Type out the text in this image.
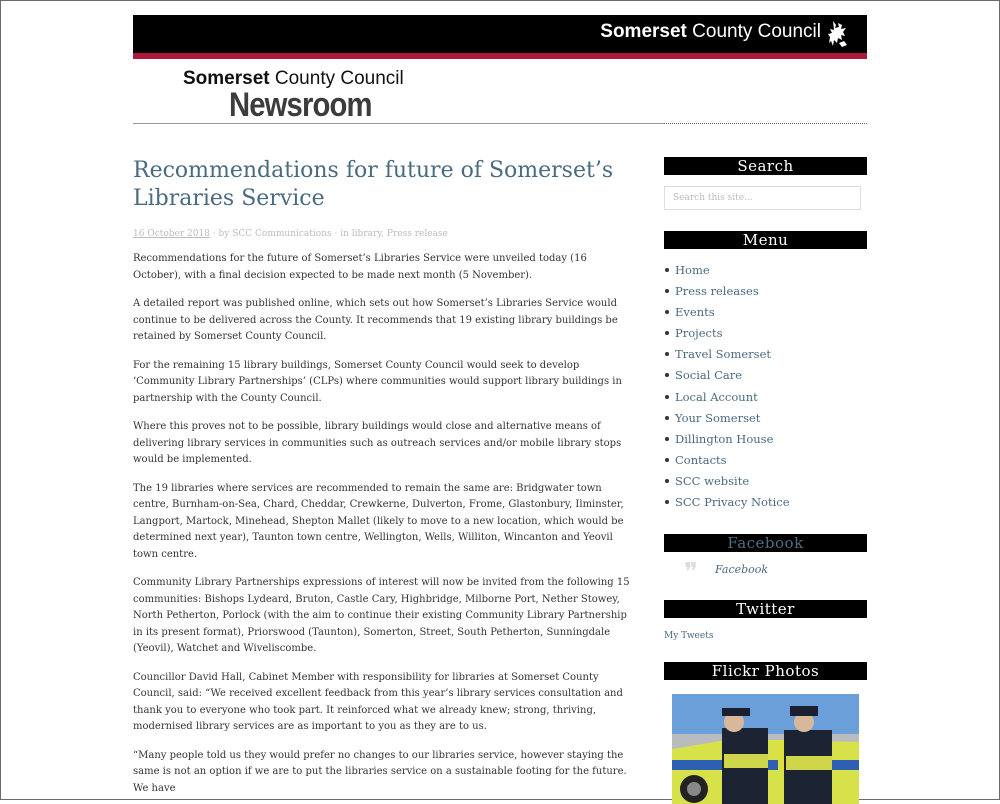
Somerset County Council
Somerset County Council
Newsroom
Recommendations for future of Somerset’s Libraries Service
16 October 2018 · by SCC Communications · in library, Press release

Recommendations for the future of Somerset’s Libraries Service were unveiled today (16 October), with a final decision expected to be made next month (5 November).

A detailed report was published online, which sets out how Somerset’s Libraries Service would continue to be delivered across the County. It recommends that 19 existing library buildings be retained by Somerset County Council.

For the remaining 15 library buildings, Somerset County Council would seek to develop ‘Community Library Partnerships’ (CLPs) where communities would support library buildings in partnership with the County Council.

Where this proves not to be possible, library buildings would close and alternative means of delivering library services in communities such as outreach services and/or mobile library stops would be implemented.

The 19 libraries where services are recommended to remain the same are: Bridgwater town centre, Burnham-on-Sea, Chard, Cheddar, Crewkerne, Dulverton, Frome, Glastonbury, Ilminster, Langport, Martock, Minehead, Shepton Mallet (likely to move to a new location, which would be determined next year), Taunton town centre, Wellington, Wells, Williton, Wincanton and Yeovil town centre.

Community Library Partnerships expressions of interest will now be invited from the following 15 communities: Bishops Lydeard, Bruton, Castle Cary, Highbridge, Milborne Port, Nether Stowey, North Petherton, Porlock (with the aim to continue their existing Community Library Partnership in its present format), Priorswood (Taunton), Somerton, Street, South Petherton, Sunningdale (Yeovil), Watchet and Wiveliscombe.

Councillor David Hall, Cabinet Member with responsibility for libraries at Somerset County Council, said: “We received excellent feedback from this year’s library services consultation and thank you to everyone who took part. It reinforced what we already knew; strong, thriving, modernised library services are as important to you as they are to us.

“Many people told us they would prefer no changes to our libraries service, however staying the same is not an option if we are to put the libraries service on a sustainable footing for the future. We have

Search
Search this site...
Menu
Home
Press releases
Events
Projects
Travel Somerset
Social Care
Local Account
Your Somerset
Dillington House
Contacts
SCC website
SCC Privacy Notice
Facebook
❞ Facebook
Twitter
My Tweets
Flickr Photos
